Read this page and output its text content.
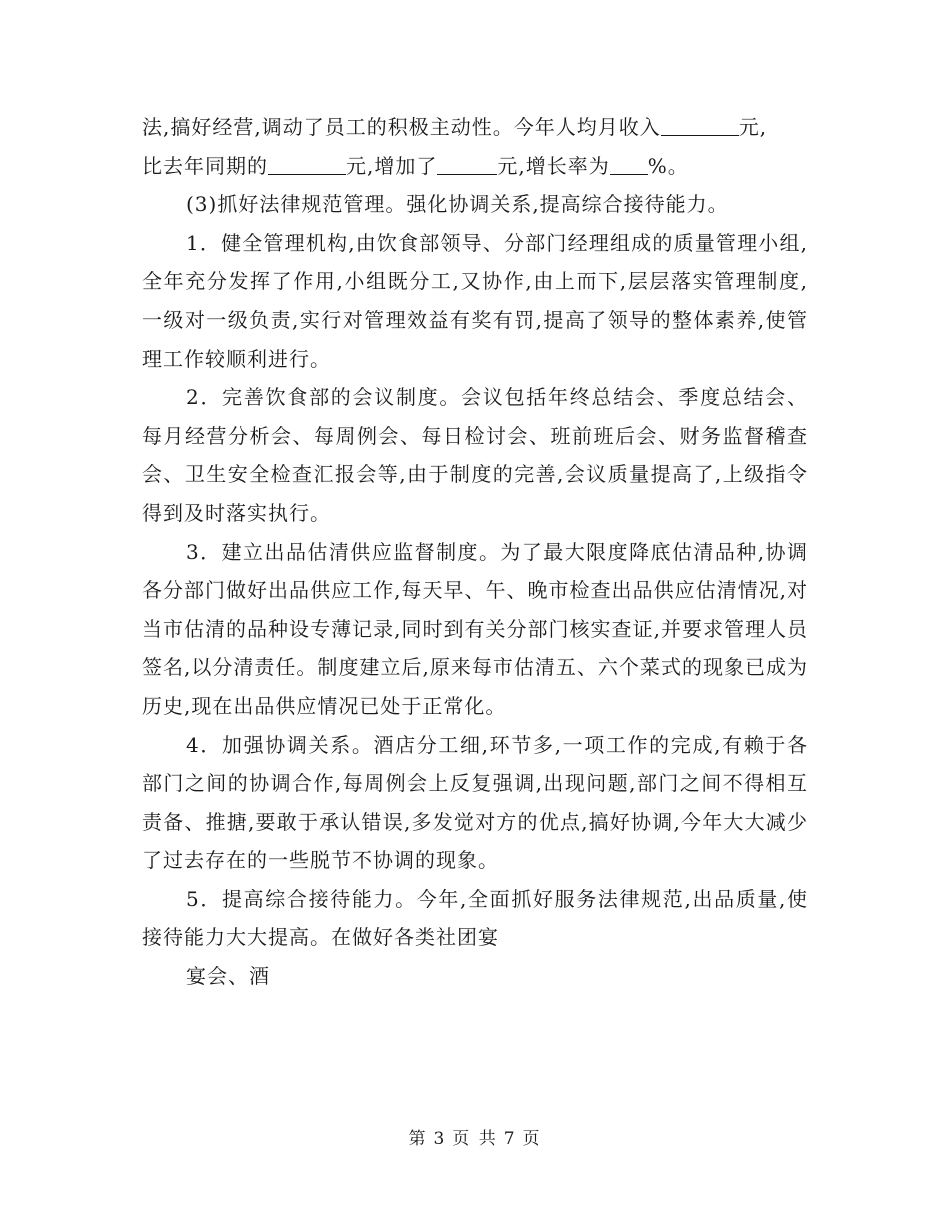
法,搞好经营,调动了员工的积极主动性。今年人均月收入	元,
比去年同期的	元,增加了	元,增长率为 %。

(3)抓好法律规范管理。强化协调关系,提高综合接待能力。

1．健全管理机构,由饮食部领导、分部门经理组成的质量管理小组,全年充分发挥了作用,小组既分工,又协作,由上而下,层层落实管理制度,一级对一级负责,实行对管理效益有奖有罚,提高了领导的整体素养,使管理工作较顺利进行。

2．完善饮食部的会议制度。会议包括年终总结会、季度总结会、每月经营分析会、每周例会、每日检讨会、班前班后会、财务监督稽查会、卫生安全检查汇报会等,由于制度的完善,会议质量提高了,上级指令得到及时落实执行。

3．建立出品估清供应监督制度。为了最大限度降底估清品种,协调各分部门做好出品供应工作,每天早、午、晚市检查出品供应估清情况,对当市估清的品种设专薄记录,同时到有关分部门核实查证,并要求管理人员签名,以分清责任。制度建立后,原来每市估清五、六个菜式的现象已成为历史,现在出品供应情况已处于正常化。

4．加强协调关系。酒店分工细,环节多,一项工作的完成,有赖于各部门之间的协调合作,每周例会上反复强调,出现问题,部门之间不得相互责备、推搪,要敢于承认错误,多发觉对方的优点,搞好协调,今年大大减少了过去存在的一些脱节不协调的现象。

5．提高综合接待能力。今年,全面抓好服务法律规范,出品质量,使接待能力大大提高。在做好各类社团宴

宴会、酒

第 3 页 共 7 页
